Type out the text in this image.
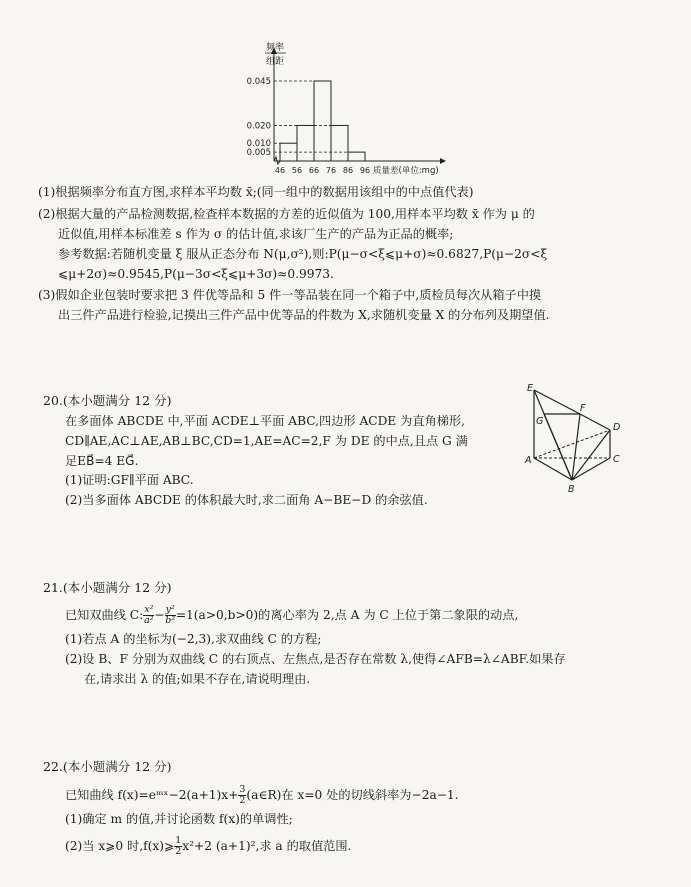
频率
组距
0.045
0.020
0.010
0.005
46 56 66 76 86 96 质量差(单位:mg)
(1)根据频率分布直方图,求样本平均数 x̄;(同一组中的数据用该组中的中点值代表)
(2)根据大量的产品检测数据,检查样本数据的方差的近似值为 100,用样本平均数 x̄ 作为 μ 的
近似值,用样本标准差 s 作为 σ 的估计值,求该厂生产的产品为正品的概率;
参考数据:若随机变量 ξ 服从正态分布 N(μ,σ²),则:P(μ−σ<ξ⩽μ+σ)≈0.6827,P(μ−2σ<ξ
⩽μ+2σ)≈0.9545,P(μ−3σ<ξ⩽μ+3σ)≈0.9973.
(3)假如企业包装时要求把 3 件优等品和 5 件一等品装在同一个箱子中,质检员每次从箱子中摸
出三件产品进行检验,记摸出三件产品中优等品的件数为 X,求随机变量 X 的分布列及期望值.
20.(本小题满分 12 分)
在多面体 ABCDE 中,平面 ACDE⊥平面 ABC,四边形 ACDE 为直角梯形,
CD∥AE,AC⊥AE,AB⊥BC,CD=1,AE=AC=2,F 为 DE 的中点,且点 G 满
足EB⃗=4 EG⃗.
(1)证明:GF∥平面 ABC.
(2)当多面体 ABCDE 的体积最大时,求二面角 A−BE−D 的余弦值.
E
F
G
D
A	C
B
21.(本小题满分 12 分)
已知双曲线 C: $\frac{\text{x²}}{\text{a²}} - \frac{\text{y²}}{\text{b²}} =1(a>0,b>0)$的离心率为 2,点 A 为 C 上位于第二象限的动点,
(1)若点 A 的坐标为(−2,3),求双曲线 C 的方程;
(2)设 B、F 分别为双曲线 C 的右顶点、左焦点,是否存在常数 λ,使得∠AFB=λ∠ABF.如果存
在,请求出 λ 的值;如果不存在,请说明理由.
22.(本小题满分 12 分)
已知曲线 f(x)=eᵐˣ−2(a+1)x+ $\frac{3}{2}$ (a∈R)在 x=0 处的切线斜率为−2a−1.
(1)确定 m 的值,并讨论函数 f(x)的单调性;
(2)当 x⩾0 时,f(x)⩾ $\frac{1}{2} x^2+2$ (a+1)²,求 a 的取值范围.
